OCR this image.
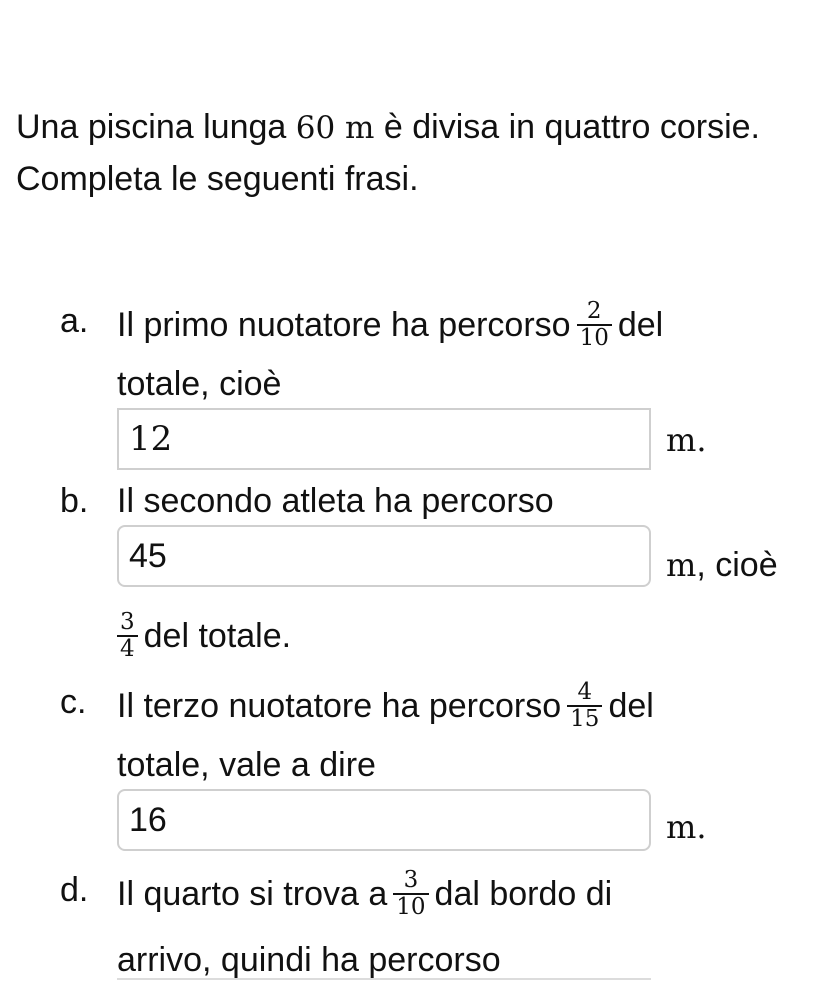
Una piscina lunga 60 m è divisa in quattro corsie.
Completa le seguenti frasi.
a. Il primo nuotatore ha percorso $\frac{2}{10}$ del
totale, cioè
12	m.
b. Il secondo atleta ha percorso
45	m, cioè
$\frac{3}{4}$ del totale.
c. Il terzo nuotatore ha percorso $\frac{4}{15}$ del
totale, vale a dire
16	m.
d. Il quarto si trova a $\frac{3}{10}$ dal bordo di
arrivo, quindi ha percorso
